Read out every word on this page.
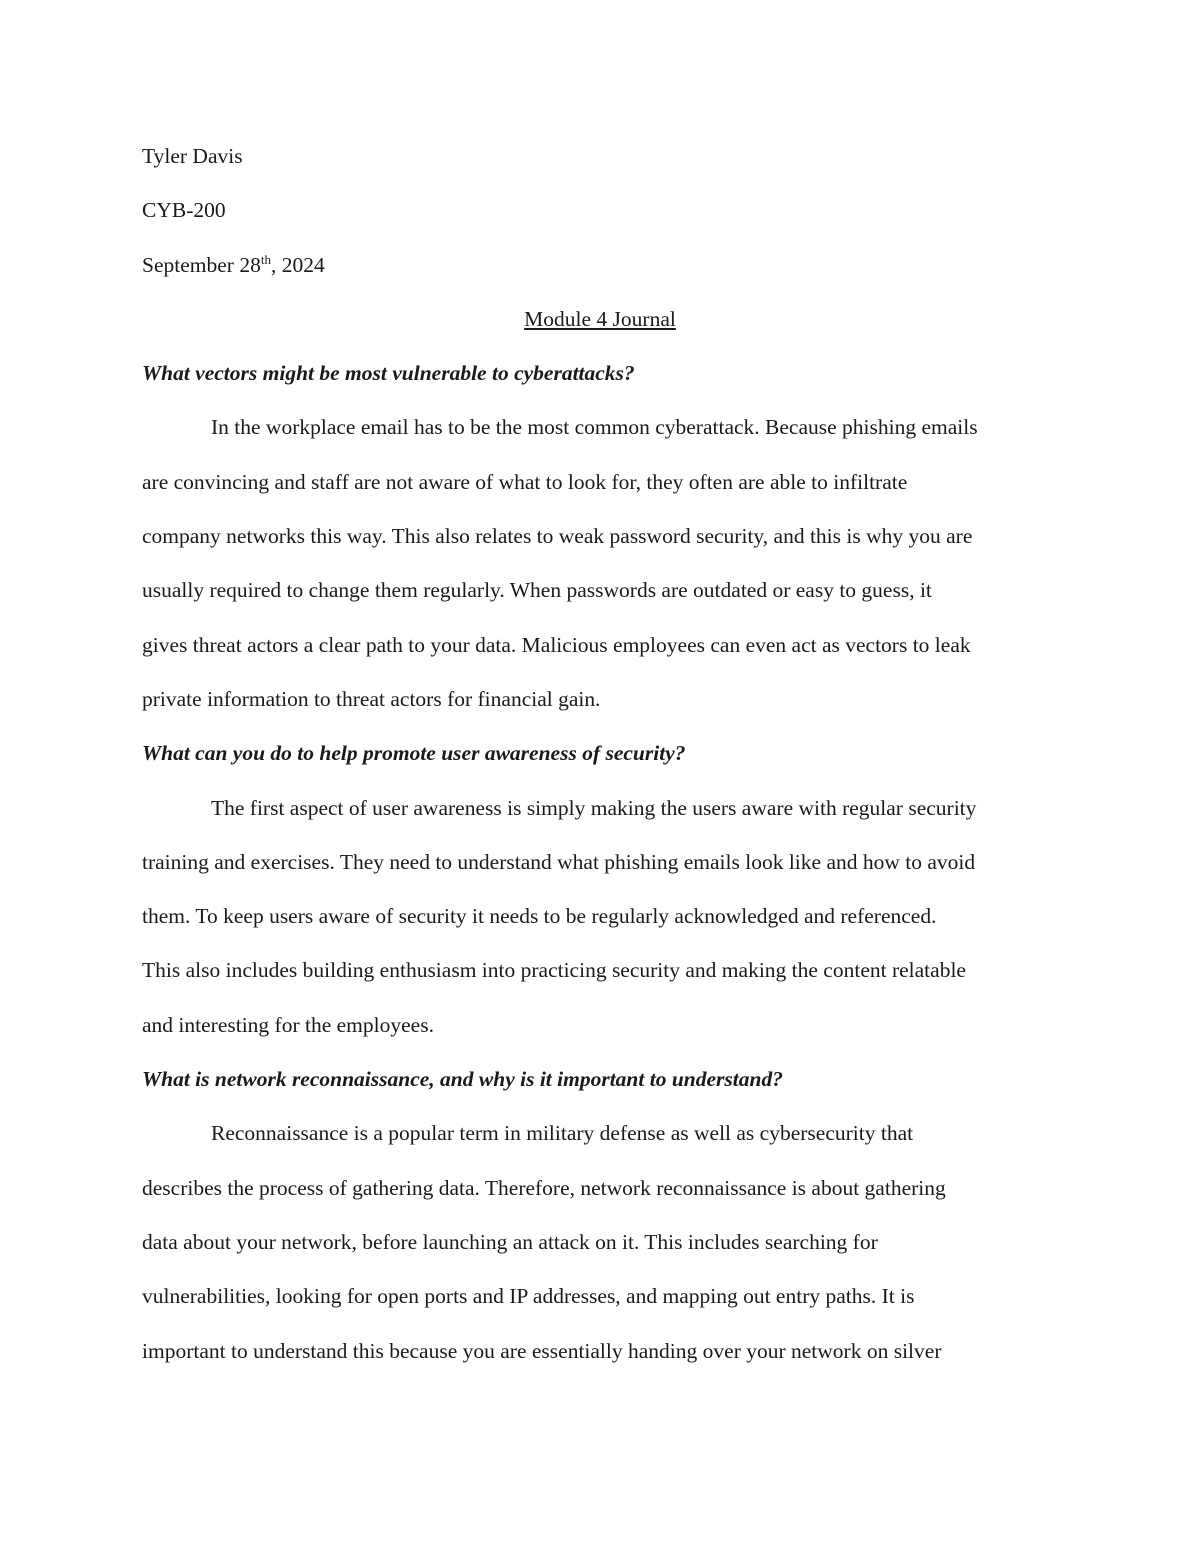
Tyler Davis
CYB-200
September 28th, 2024
Module 4 Journal
What vectors might be most vulnerable to cyberattacks?
In the workplace email has to be the most common cyberattack. Because phishing emails
are convincing and staff are not aware of what to look for, they often are able to infiltrate
company networks this way. This also relates to weak password security, and this is why you are
usually required to change them regularly. When passwords are outdated or easy to guess, it
gives threat actors a clear path to your data. Malicious employees can even act as vectors to leak
private information to threat actors for financial gain.
What can you do to help promote user awareness of security?
The first aspect of user awareness is simply making the users aware with regular security
training and exercises. They need to understand what phishing emails look like and how to avoid
them. To keep users aware of security it needs to be regularly acknowledged and referenced.
This also includes building enthusiasm into practicing security and making the content relatable
and interesting for the employees.
What is network reconnaissance, and why is it important to understand?
Reconnaissance is a popular term in military defense as well as cybersecurity that
describes the process of gathering data. Therefore, network reconnaissance is about gathering
data about your network, before launching an attack on it. This includes searching for
vulnerabilities, looking for open ports and IP addresses, and mapping out entry paths. It is
important to understand this because you are essentially handing over your network on silver
